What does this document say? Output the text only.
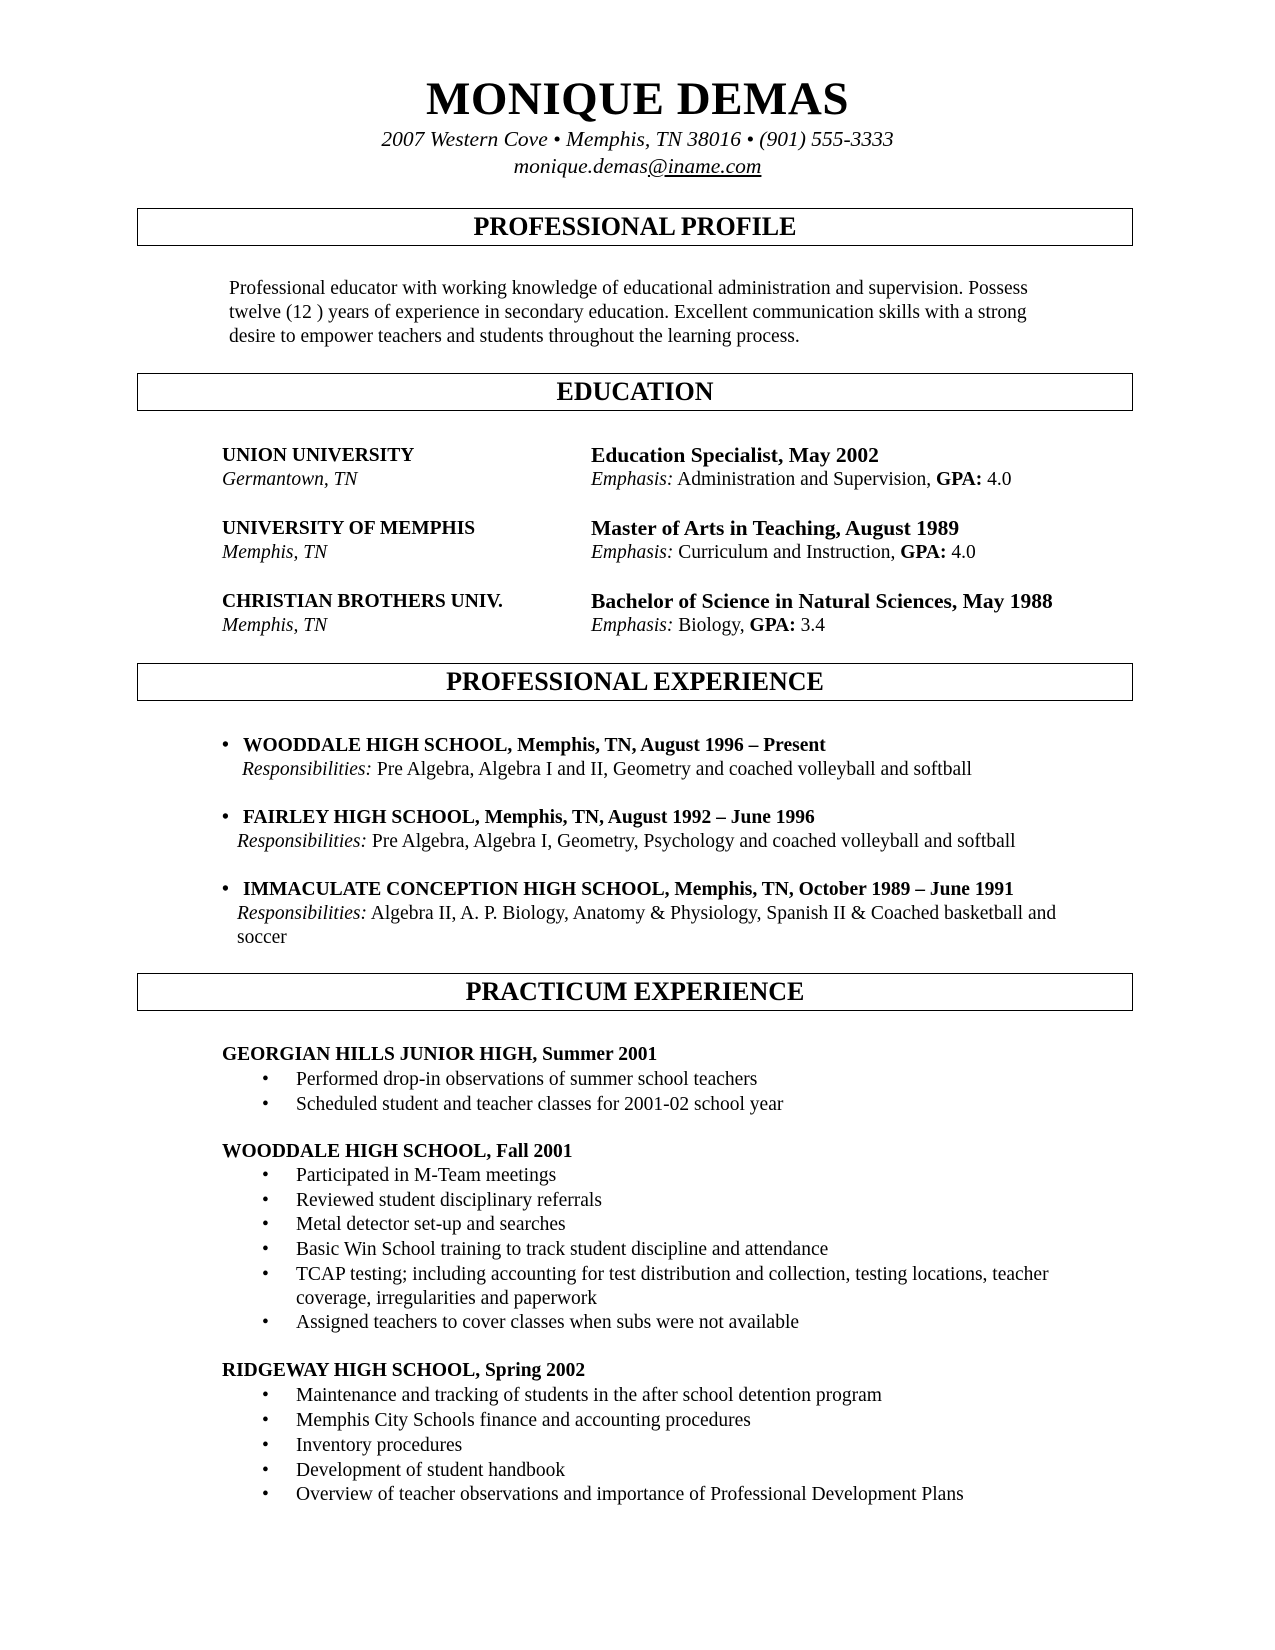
MONIQUE DEMAS
2007 Western Cove • Memphis, TN 38016 • (901) 555-3333
monique.demas@iname.com
PROFESSIONAL PROFILE
Professional educator with working knowledge of educational administration and supervision. Possess
twelve (12 ) years of experience in secondary education. Excellent communication skills with a strong
desire to empower teachers and students throughout the learning process.
EDUCATION
UNION UNIVERSITY
Germantown, TN
Education Specialist, May 2002
Emphasis: Administration and Supervision, GPA: 4.0
UNIVERSITY OF MEMPHIS
Memphis, TN
Master of Arts in Teaching, August 1989
Emphasis: Curriculum and Instruction, GPA: 4.0
CHRISTIAN BROTHERS UNIV.
Memphis, TN
Bachelor of Science in Natural Sciences, May 1988
Emphasis: Biology, GPA: 3.4
PROFESSIONAL EXPERIENCE
• WOODDALE HIGH SCHOOL, Memphis, TN, August 1996 – Present
Responsibilities: Pre Algebra, Algebra I and II, Geometry and coached volleyball and softball
• FAIRLEY HIGH SCHOOL, Memphis, TN, August 1992 – June 1996
Responsibilities: Pre Algebra, Algebra I, Geometry, Psychology and coached volleyball and softball
• IMMACULATE CONCEPTION HIGH SCHOOL, Memphis, TN, October 1989 – June 1991
Responsibilities: Algebra II, A. P. Biology, Anatomy & Physiology, Spanish II & Coached basketball and
soccer
PRACTICUM EXPERIENCE
GEORGIAN HILLS JUNIOR HIGH, Summer 2001
• Performed drop-in observations of summer school teachers
• Scheduled student and teacher classes for 2001-02 school year
WOODDALE HIGH SCHOOL, Fall 2001
• Participated in M-Team meetings
• Reviewed student disciplinary referrals
• Metal detector set-up and searches
• Basic Win School training to track student discipline and attendance
• TCAP testing; including accounting for test distribution and collection, testing locations, teacher
coverage, irregularities and paperwork
• Assigned teachers to cover classes when subs were not available
RIDGEWAY HIGH SCHOOL, Spring 2002
• Maintenance and tracking of students in the after school detention program
• Memphis City Schools finance and accounting procedures
• Inventory procedures
• Development of student handbook
• Overview of teacher observations and importance of Professional Development Plans
